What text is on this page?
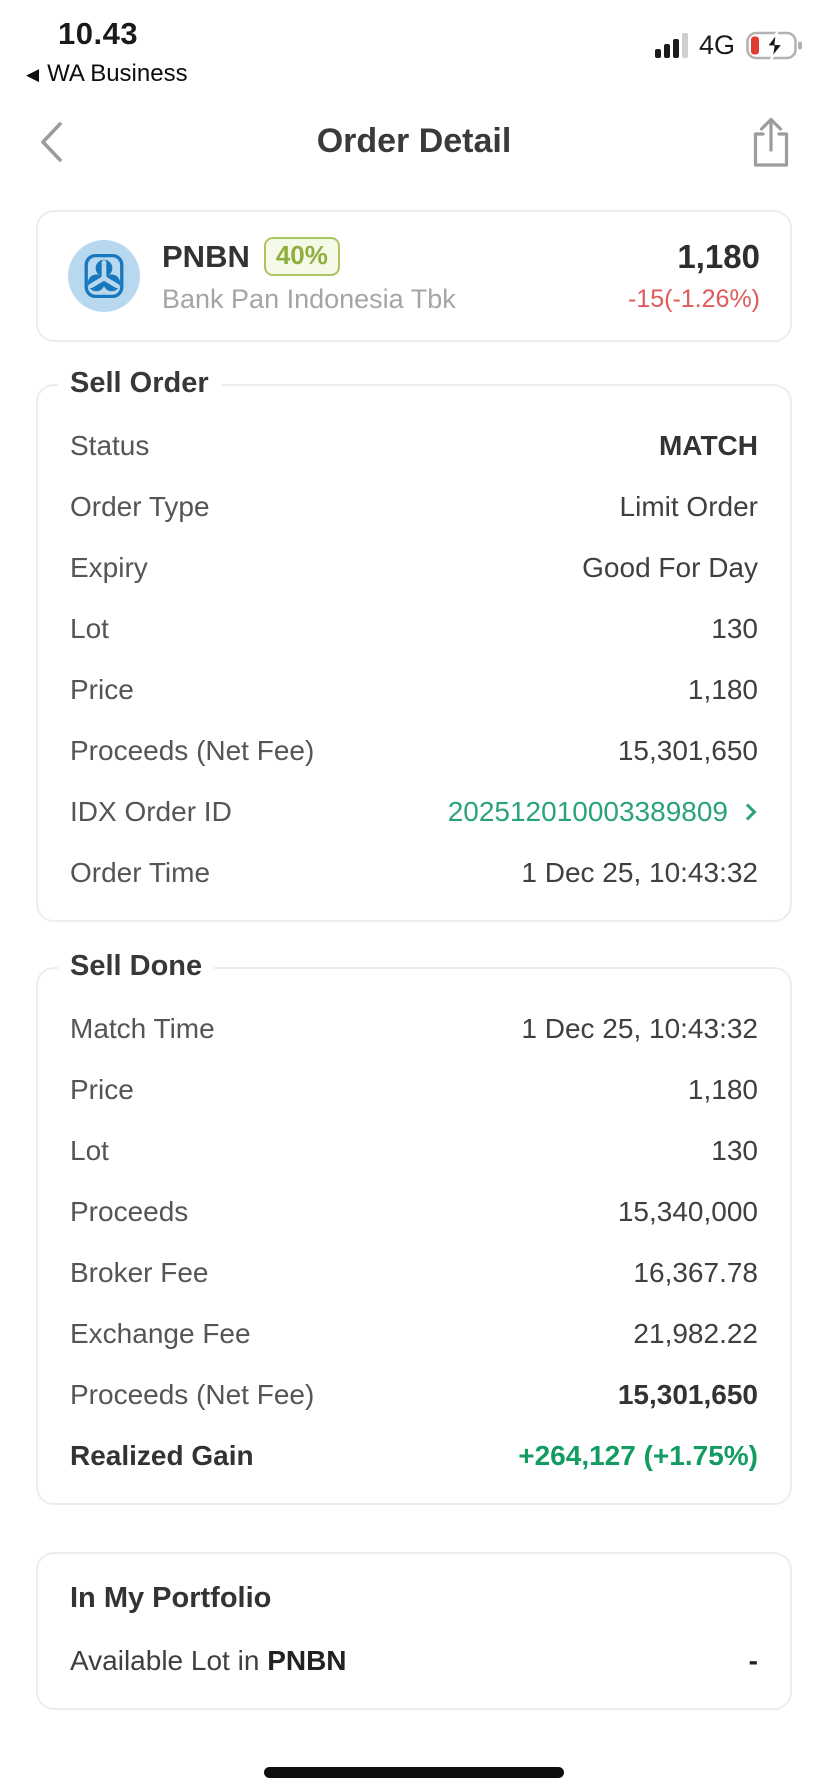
10.43
◀ WA Business
4G
Order Detail
PNBN	40%
Bank Pan Indonesia Tbk
1,180
-15(-1.26%)
Sell Order
Status	MATCH
Order Type	Limit Order
Expiry	Good For Day
Lot	130
Price	1,180
Proceeds (Net Fee)	15,301,650
IDX Order ID	202512010003389809
Order Time	1 Dec 25, 10:43:32
Sell Done
Match Time	1 Dec 25, 10:43:32
Price	1,180
Lot	130
Proceeds	15,340,000
Broker Fee	16,367.78
Exchange Fee	21,982.22
Proceeds (Net Fee)	15,301,650
Realized Gain	+264,127 (+1.75%)
In My Portfolio
Available Lot in PNBN	-
